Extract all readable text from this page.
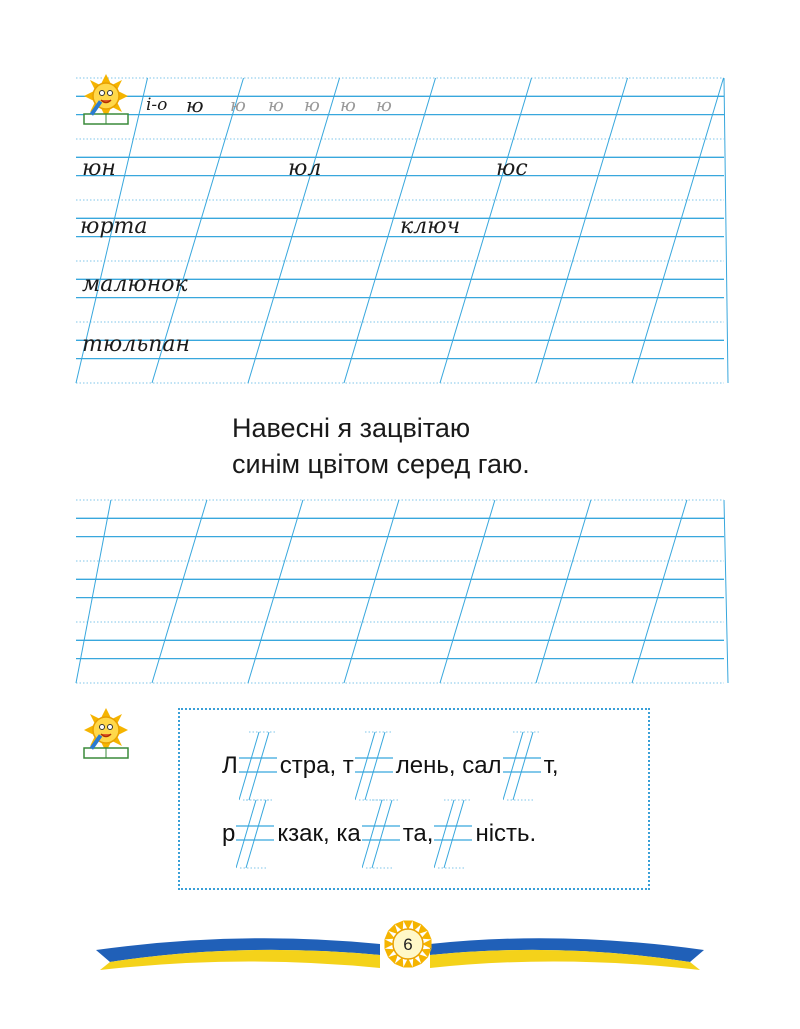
і-о ю ю ю ю ю ю
юн	юл	юс
юрта	ключ
малюнок
тюльпан
Навесні я зацвітаю
синім цвітом серед гаю.
Л стра, т лень, сал т,
р кзак, ка та, ність.
6
